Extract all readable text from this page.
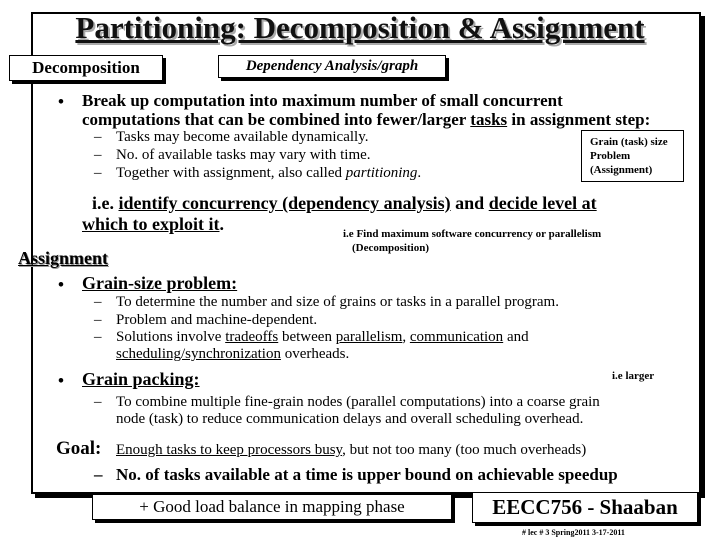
Partitioning: Decomposition & Assignment
Decomposition	Dependency Analysis/graph
• Break up computation into maximum number of small concurrent
computations that can be combined into fewer/larger tasks in assignment step:
– Tasks may become available dynamically.
– No. of available tasks may vary with time.
– Together with assignment, also called partitioning.
Grain (task) size
Problem
(Assignment)
i.e. identify concurrency (dependency analysis) and decide level at
which to exploit it.	i.e Find maximum software concurrency or parallelism
(Decomposition)
Assignment
• Grain-size problem:
– To determine the number and size of grains or tasks in a parallel program.
– Problem and machine-dependent.
– Solutions involve tradeoffs between parallelism, communication and
scheduling/synchronization overheads.
• Grain packing:	i.e larger
– To combine multiple fine-grain nodes (parallel computations) into a coarse grain
node (task) to reduce communication delays and overall scheduling overhead.
Goal: Enough tasks to keep processors busy, but not too many (too much overheads)
– No. of tasks available at a time is upper bound on achievable speedup
+ Good load balance in mapping phase	EECC756 - Shaaban
# lec # 3 Spring2011 3-17-2011
